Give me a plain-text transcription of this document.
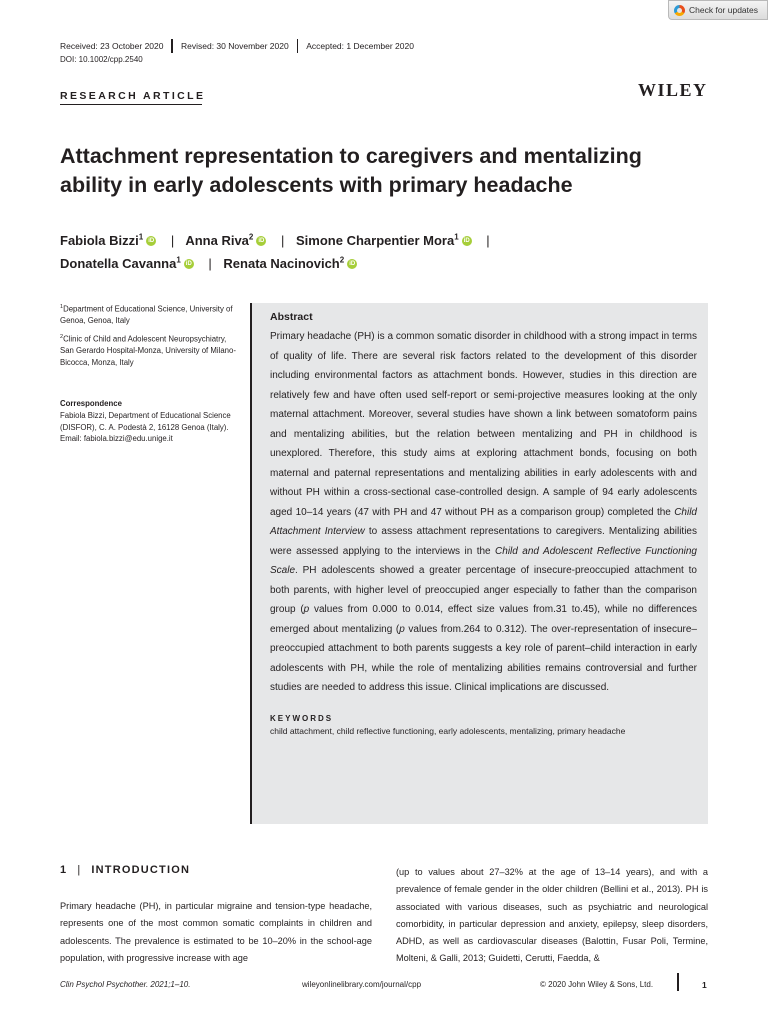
Check for updates
Received: 23 October 2020 Revised: 30 November 2020 Accepted: 1 December 2020
DOI: 10.1002/cpp.2540
RESEARCH ARTICLE	WILEY
Attachment representation to caregivers and mentalizing ability in early adolescents with primary headache
Fabiola Bizzi$^1$ iD | Anna Riva$^2$ iD | Simone Charpentier Mora$^1$ iD |
Donatella Cavanna$^1$ iD | Renata Nacinovich$^2$ iD
$^1$Department of Educational Science, University of Genoa, Genoa, Italy
$^2$Clinic of Child and Adolescent Neuropsychiatry, San Gerardo Hospital-Monza, University of Milano-Bicocca, Monza, Italy
Correspondence
Fabiola Bizzi, Department of Educational Science (DISFOR), C. A. Podestà 2, 16128 Genoa (Italy).
Email: fabiola.bizzi@edu.unige.it
Abstract

Primary headache (PH) is a common somatic disorder in childhood with a strong impact in terms of quality of life. There are several risk factors related to the development of this disorder including environmental factors as attachment bonds. However, studies in this direction are relatively few and have often used self-report or semi-projective measures looking at the only maternal attachment. Moreover, several studies have shown a link between somatoform pains and mentalizing abilities, but the relation between mentalizing and PH in childhood is unexplored. Therefore, this study aims at exploring attachment bonds, focusing on both maternal and paternal representations and mentalizing abilities in early adolescents with and without PH within a cross-sectional case-controlled design. A sample of 94 early adolescents aged 10–14 years (47 with PH and 47 without PH as a comparison group) completed the Child Attachment Interview to assess attachment representations to caregivers. Mentalizing abilities were assessed applying to the interviews in the Child and Adolescent Reflective Functioning Scale. PH adolescents showed a greater percentage of insecure-preoccupied attachment to both parents, with higher level of preoccupied anger especially to father than the comparison group (p values from 0.000 to 0.014, effect size values from.31 to.45), while no differences emerged about mentalizing (p values from.264 to 0.312). The over-representation of insecure–preoccupied attachment to both parents suggests a key role of parent–child interaction in early adolescents with PH, while the role of mentalizing abilities remains controversial and further studies are needed to address this issue. Clinical implications are discussed.

KEYWORDS
child attachment, child reflective functioning, early adolescents, mentalizing, primary headache
1 | INTRODUCTION

Primary headache (PH), in particular migraine and tension-type headache, represents one of the most common somatic complaints in children and adolescents. The prevalence is estimated to be 10–20% in the school-age population, with progressive increase with age

(up to values about 27–32% at the age of 13–14 years), and with a prevalence of female gender in the older children (Bellini et al., 2013). PH is associated with various diseases, such as psychiatric and neurological comorbidity, in particular depression and anxiety, epilepsy, sleep disorders, ADHD, as well as cardiovascular diseases (Balottin, Fusar Poli, Termine, Molteni, & Galli, 2013; Guidetti, Cerutti, Faedda, &

Clin Psychol Psychother. 2021;1–10.	wileyonlinelibrary.com/journal/cpp	© 2020 John Wiley & Sons, Ltd.	1
